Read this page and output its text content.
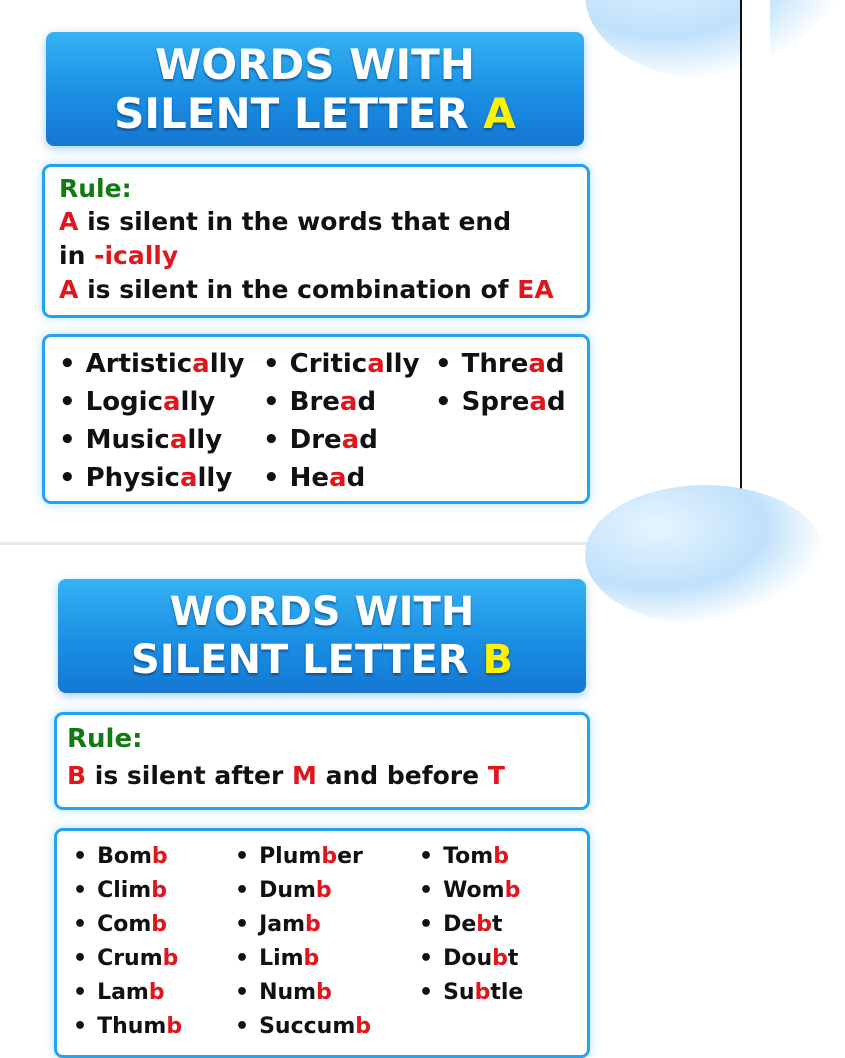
WORDS WITH
SILENT LETTER A
Rule:
A is silent in the words that end
in -ically
A is silent in the combination of EA
• Artistically
• Logically
• Musically
• Physically
• Critically
• Bread
• Dread
• Head
• Thread
• Spread
WORDS WITH
SILENT LETTER B
Rule:
B is silent after M and before T
• Bomb
• Climb
• Comb
• Crumb
• Lamb
• Thumb
• Plumber
• Dumb
• Jamb
• Limb
• Numb
• Succumb
• Tomb
• Womb
• Debt
• Doubt
• Subtle
